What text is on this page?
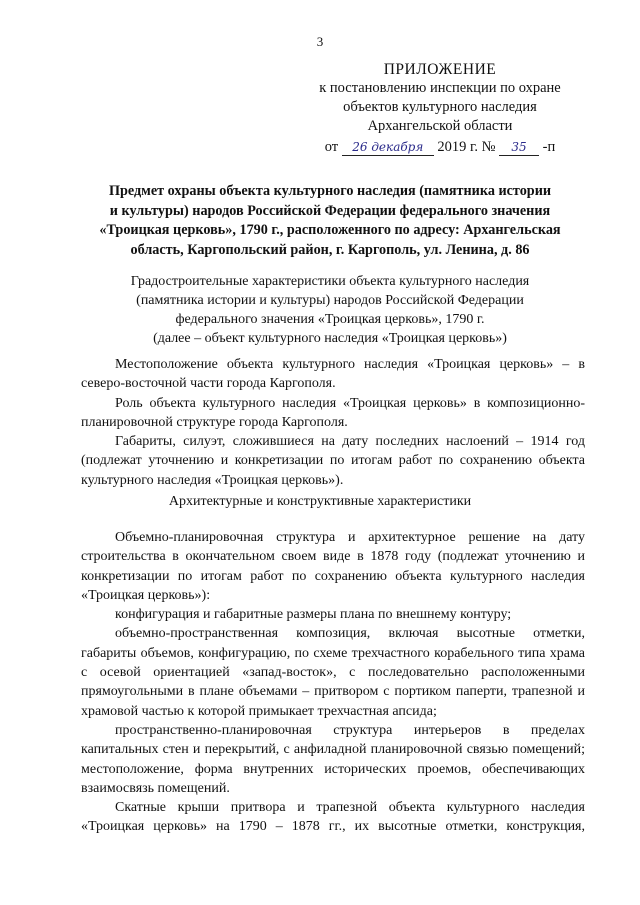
3
ПРИЛОЖЕНИЕ
к постановлению инспекции по охране
объектов культурного наследия
Архангельской области
от 26 декабря 2019 г. № 35 -п
Предмет охраны объекта культурного наследия (памятника истории
и культуры) народов Российской Федерации федерального значения
«Троицкая церковь», 1790 г., расположенного по адресу: Архангельская
область, Каргопольский район, г. Каргополь, ул. Ленина, д. 86
Градостроительные характеристики объекта культурного наследия
(памятника истории и культуры) народов Российской Федерации
федерального значения «Троицкая церковь», 1790 г.
(далее – объект культурного наследия «Троицкая церковь»)

Местоположение объекта культурного наследия «Троицкая церковь» – в северо-восточной части города Каргополя.

Роль объекта культурного наследия «Троицкая церковь» в композиционно-планировочной структуре города Каргополя.

Габариты, силуэт, сложившиеся на дату последних наслоений – 1914 год (подлежат уточнению и конкретизации по итогам работ по сохранению объекта культурного наследия «Троицкая церковь»).

Архитектурные и конструктивные характеристики

Объемно-планировочная структура и архитектурное решение на дату строительства в окончательном своем виде в 1878 году (подлежат уточнению и конкретизации по итогам работ по сохранению объекта культурного наследия «Троицкая церковь»):

конфигурация и габаритные размеры плана по внешнему контуру;

объемно-пространственная композиция, включая высотные отметки, габариты объемов, конфигурацию, по схеме трехчастного корабельного типа храма с осевой ориентацией «запад-восток», с последовательно расположенными прямоугольными в плане объемами – притвором с портиком паперти, трапезной и храмовой частью к которой примыкает трехчастная апсида;

пространственно-планировочная структура интерьеров в пределах капитальных стен и перекрытий, с анфиладной планировочной связью помещений; местоположение, форма внутренних исторических проемов, обеспечивающих взаимосвязь помещений.

Скатные крыши притвора и трапезной объекта культурного наследия «Троицкая церковь» на 1790 – 1878 гг., их высотные отметки, конструкция,
